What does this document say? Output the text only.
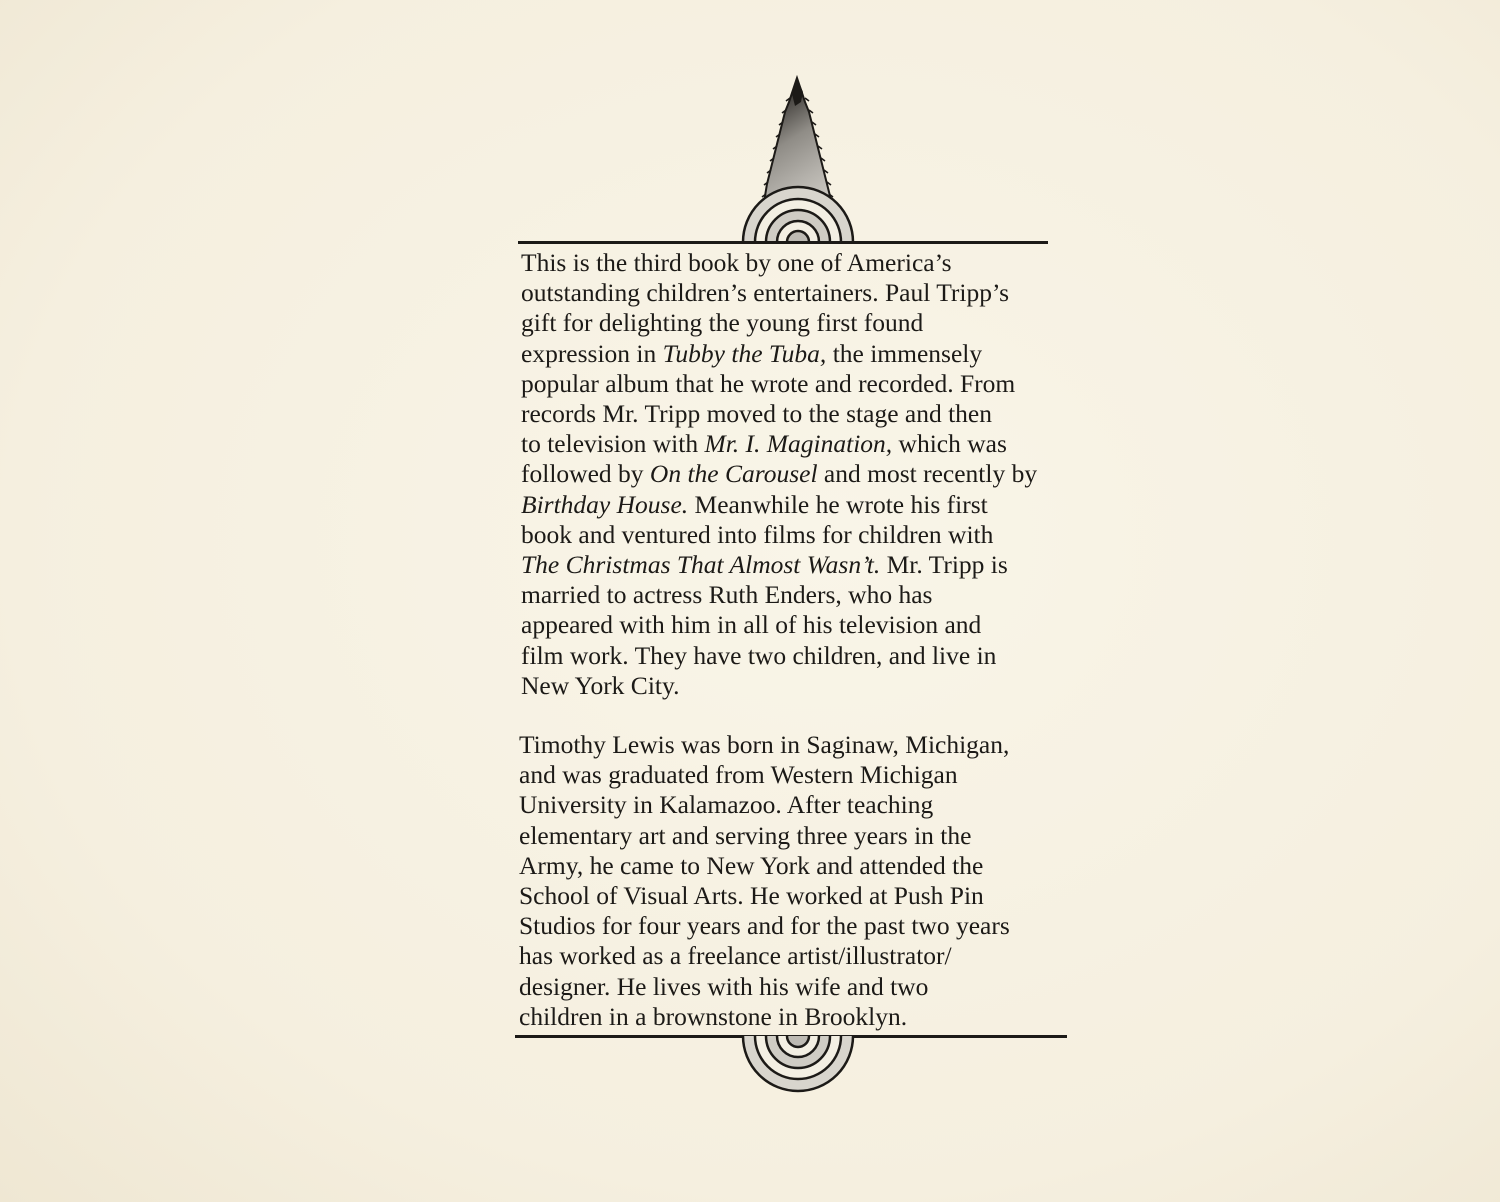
This is the third book by one of America’s
outstanding children’s entertainers. Paul Tripp’s
gift for delighting the young first found
expression in Tubby the Tuba, the immensely
popular album that he wrote and recorded. From
records Mr. Tripp moved to the stage and then
to television with Mr. I. Magination, which was
followed by On the Carousel and most recently by
Birthday House. Meanwhile he wrote his first
book and ventured into films for children with
The Christmas That Almost Wasn’t. Mr. Tripp is
married to actress Ruth Enders, who has
appeared with him in all of his television and
film work. They have two children, and live in
New York City.
Timothy Lewis was born in Saginaw, Michigan,
and was graduated from Western Michigan
University in Kalamazoo. After teaching
elementary art and serving three years in the
Army, he came to New York and attended the
School of Visual Arts. He worked at Push Pin
Studios for four years and for the past two years
has worked as a freelance artist/illustrator/
designer. He lives with his wife and two
children in a brownstone in Brooklyn.
